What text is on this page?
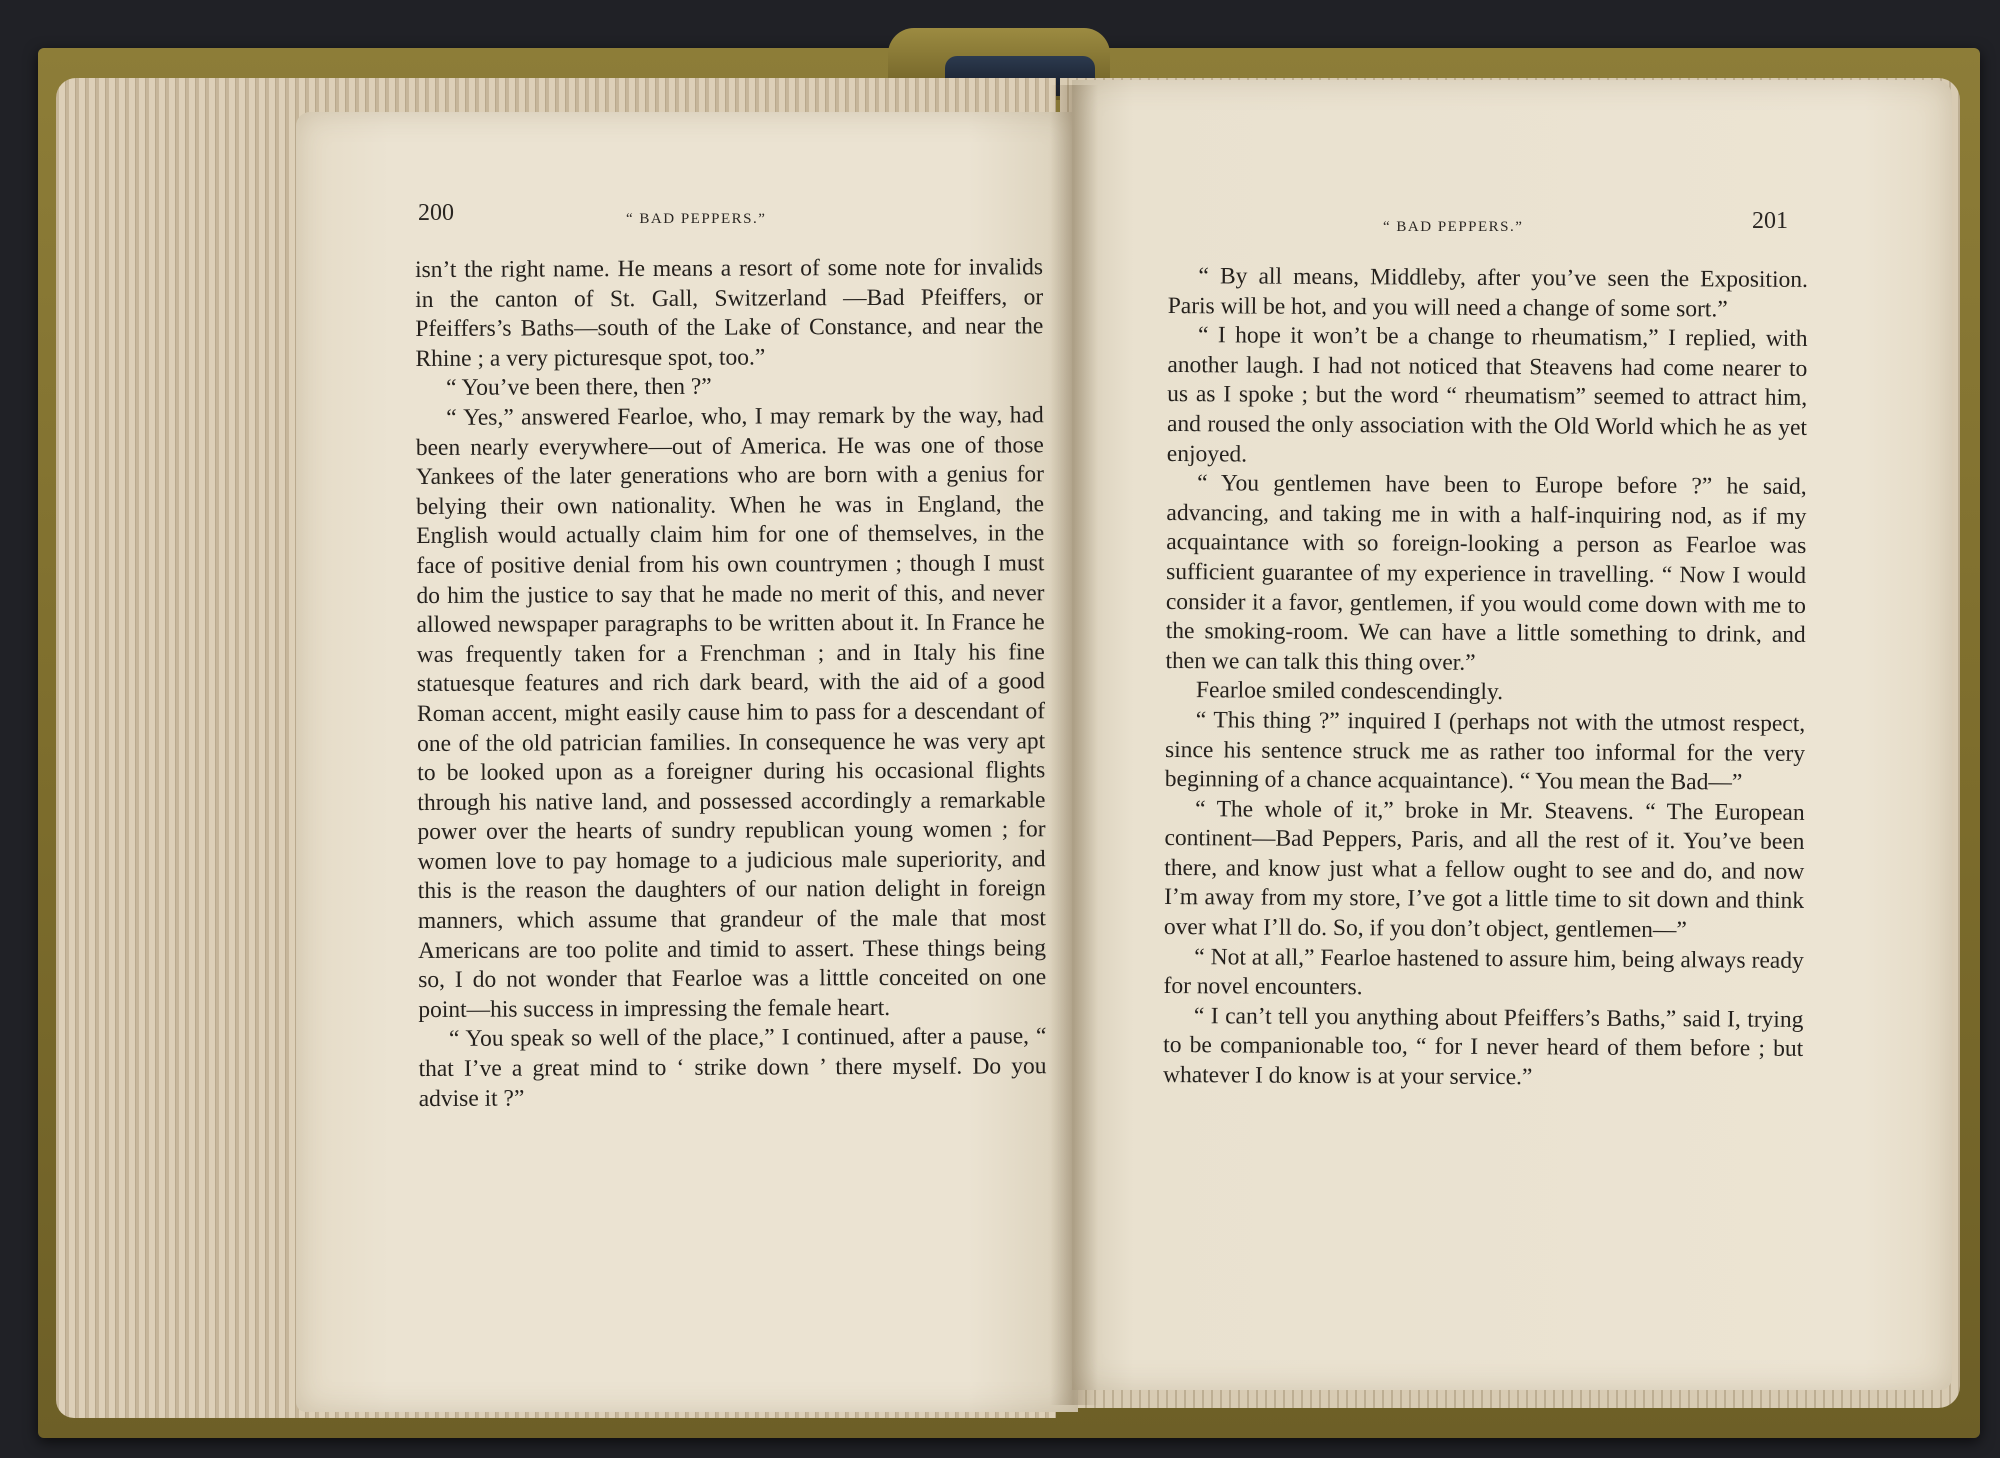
200	“ BAD PEPPERS.”	“ BAD PEPPERS.”	201

isn’t the right name. He means a resort of some note for invalids in the canton of St. Gall, Switzerland —Bad Pfeiffers, or Pfeiffers’s Baths—south of the Lake of Constance, and near the Rhine ; a very picturesque spot, too.”

“ You’ve been there, then ?”

“ Yes,” answered Fearloe, who, I may remark by the way, had been nearly everywhere—out of America. He was one of those Yankees of the later generations who are born with a genius for belying their own nationality. When he was in England, the English would actually claim him for one of themselves, in the face of positive denial from his own countrymen ; though I must do him the justice to say that he made no merit of this, and never allowed newspaper paragraphs to be written about it. In France he was frequently taken for a Frenchman ; and in Italy his fine statuesque features and rich dark beard, with the aid of a good Roman accent, might easily cause him to pass for a descendant of one of the old patrician families. In consequence he was very apt to be looked upon as a foreigner during his occasional flights through his native land, and possessed accordingly a remarkable power over the hearts of sundry republican young women ; for women love to pay homage to a judicious male superiority, and this is the reason the daughters of our nation delight in foreign manners, which assume that grandeur of the male that most Americans are too polite and timid to assert. These things being so, I do not wonder that Fearloe was a litttle conceited on one point—his success in impressing the female heart.

“ You speak so well of the place,” I continued, after a pause, “ that I’ve a great mind to ‘ strike down ’ there myself. Do you advise it ?”

“ By all means, Middleby, after you’ve seen the Exposition. Paris will be hot, and you will need a change of some sort.”

“ I hope it won’t be a change to rheumatism,” I replied, with another laugh. I had not noticed that Steavens had come nearer to us as I spoke ; but the word “ rheumatism” seemed to attract him, and roused the only association with the Old World which he as yet enjoyed.

“ You gentlemen have been to Europe before ?” he said, advancing, and taking me in with a half-inquiring nod, as if my acquaintance with so foreign-looking a person as Fearloe was sufficient guarantee of my experience in travelling. “ Now I would consider it a favor, gentlemen, if you would come down with me to the smoking-room. We can have a little something to drink, and then we can talk this thing over.”

Fearloe smiled condescendingly.

“ This thing ?” inquired I (perhaps not with the utmost respect, since his sentence struck me as rather too informal for the very beginning of a chance acquaintance). “ You mean the Bad—”

“ The whole of it,” broke in Mr. Steavens. “ The European continent—Bad Peppers, Paris, and all the rest of it. You’ve been there, and know just what a fellow ought to see and do, and now I’m away from my store, I’ve got a little time to sit down and think over what I’ll do. So, if you don’t object, gentlemen—”

“ Not at all,” Fearloe hastened to assure him, being always ready for novel encounters.

“ I can’t tell you anything about Pfeiffers’s Baths,” said I, trying to be companionable too, “ for I never heard of them before ; but whatever I do know is at your service.”
